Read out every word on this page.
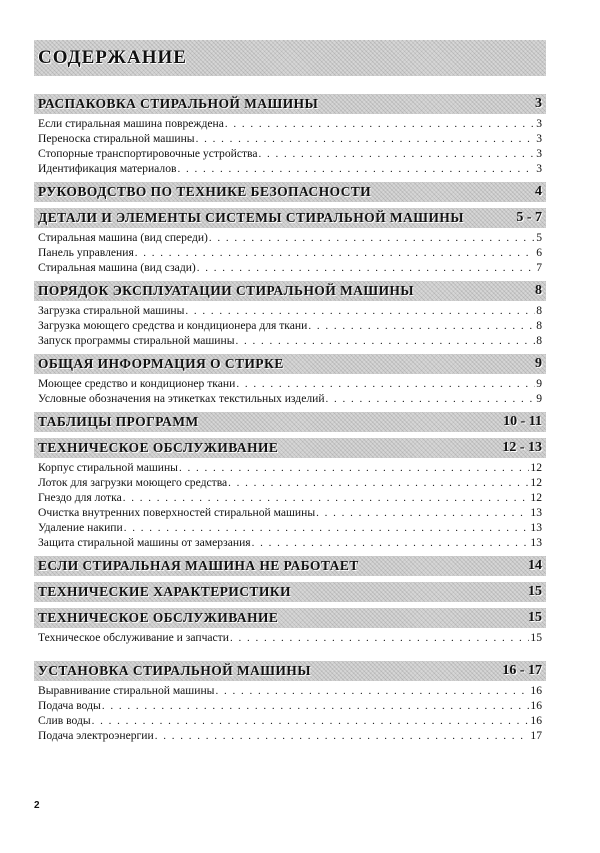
СОДЕРЖАНИЕ
РАСПАКОВКА СТИРАЛЬНОЙ МАШИНЫ	3
Если стиральная машина повреждена . . .	3
Переноска стиральной машины . . .	3
Стопорные транспортировочные устройства . . .	3
Идентификация материалов . . .	3
РУКОВОДСТВО ПО ТЕХНИКЕ БЕЗОПАСНОСТИ	4
ДЕТАЛИ И ЭЛЕМЕНТЫ СИСТЕМЫ СТИРАЛЬНОЙ МАШИНЫ	5 - 7
Стиральная машина (вид спереди) . . .	5
Панель управления . . .	6
Стиральная машина (вид сзади) . . .	7
ПОРЯДОК ЭКСПЛУАТАЦИИ СТИРАЛЬНОЙ МАШИНЫ	8
Загрузка стиральной машины . . .	8
Загрузка моющего средства и кондиционера для ткани . . .	8
Запуск программы стиральной машины . . .	8
ОБЩАЯ ИНФОРМАЦИЯ О СТИРКЕ	9
Моющее средство и кондиционер ткани . . .	9
Условные обозначения на этикетках текстильных изделий . . .	9
ТАБЛИЦЫ ПРОГРАММ	10 - 11
ТЕХНИЧЕСКОЕ ОБСЛУЖИВАНИЕ	12 - 13
Корпус стиральной машины . . .	12
Лоток для загрузки моющего средства . . .	12
Гнездо для лотка . . .	12
Очистка внутренних поверхностей стиральной машины . . .	13
Удаление накипи . . .	13
Защита стиральной машины от замерзания . . .	13
ЕСЛИ СТИРАЛЬНАЯ МАШИНА НЕ РАБОТАЕТ	14
ТЕХНИЧЕСКИЕ ХАРАКТЕРИСТИКИ	15
ТЕХНИЧЕСКОЕ ОБСЛУЖИВАНИЕ	15
Техническое обслуживание и запчасти . . .	15
УСТАНОВКА СТИРАЛЬНОЙ МАШИНЫ	16 - 17
Выравнивание стиральной машины . . .	16
Подача воды . . .	16
Слив воды . . .	16
Подача электроэнергии . . .	17
2
